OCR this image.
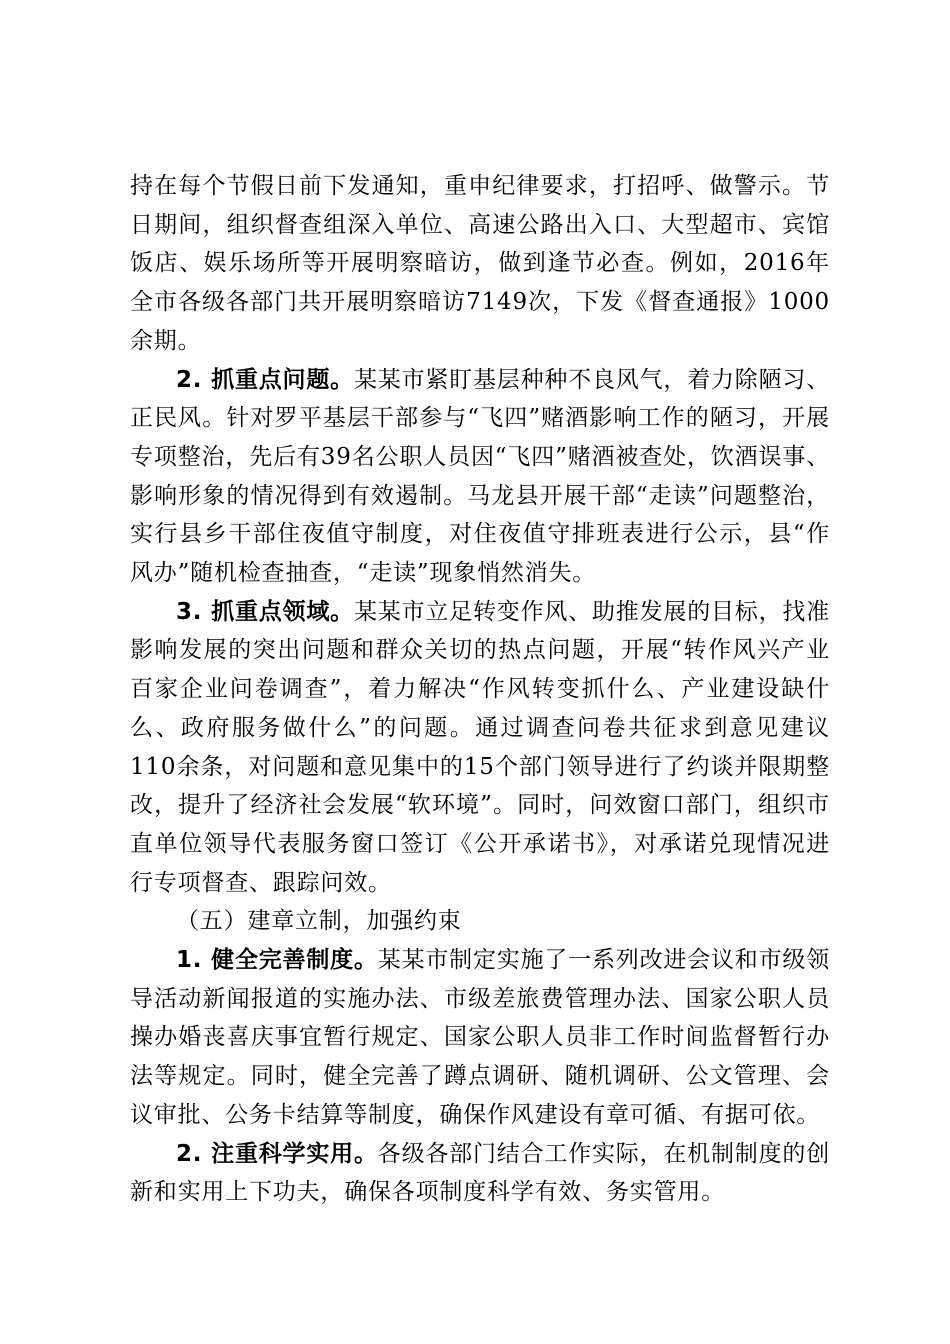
持在每个节假日前下发通知，重申纪律要求，打招呼、做警示。节日期间，组织督查组深入单位、高速公路出入口、大型超市、宾馆饭店、娱乐场所等开展明察暗访，做到逢节必查。例如，2016年全市各级各部门共开展明察暗访7149次，下发《督查通报》1000余期。

2. 抓重点问题。某某市紧盯基层种种不良风气，着力除陋习、正民风。针对罗平基层干部参与“飞四”赌酒影响工作的陋习，开展专项整治，先后有39名公职人员因“飞四”赌酒被查处，饮酒误事、影响形象的情况得到有效遏制。马龙县开展干部“走读”问题整治，实行县乡干部住夜值守制度，对住夜值守排班表进行公示，县“作风办”随机检查抽查，“走读”现象悄然消失。

3. 抓重点领域。某某市立足转变作风、助推发展的目标，找准影响发展的突出问题和群众关切的热点问题，开展“转作风兴产业百家企业问卷调查”，着力解决“作风转变抓什么、产业建设缺什么、政府服务做什么”的问题。通过调查问卷共征求到意见建议110余条，对问题和意见集中的15个部门领导进行了约谈并限期整改，提升了经济社会发展“软环境”。同时，问效窗口部门，组织市直单位领导代表服务窗口签订《公开承诺书》，对承诺兑现情况进行专项督查、跟踪问效。

（五）建章立制，加强约束

1. 健全完善制度。某某市制定实施了一系列改进会议和市级领导活动新闻报道的实施办法、市级差旅费管理办法、国家公职人员操办婚丧喜庆事宜暂行规定、国家公职人员非工作时间监督暂行办法等规定。同时，健全完善了蹲点调研、随机调研、公文管理、会议审批、公务卡结算等制度，确保作风建设有章可循、有据可依。

2. 注重科学实用。各级各部门结合工作实际，在机制制度的创新和实用上下功夫，确保各项制度科学有效、务实管用。
